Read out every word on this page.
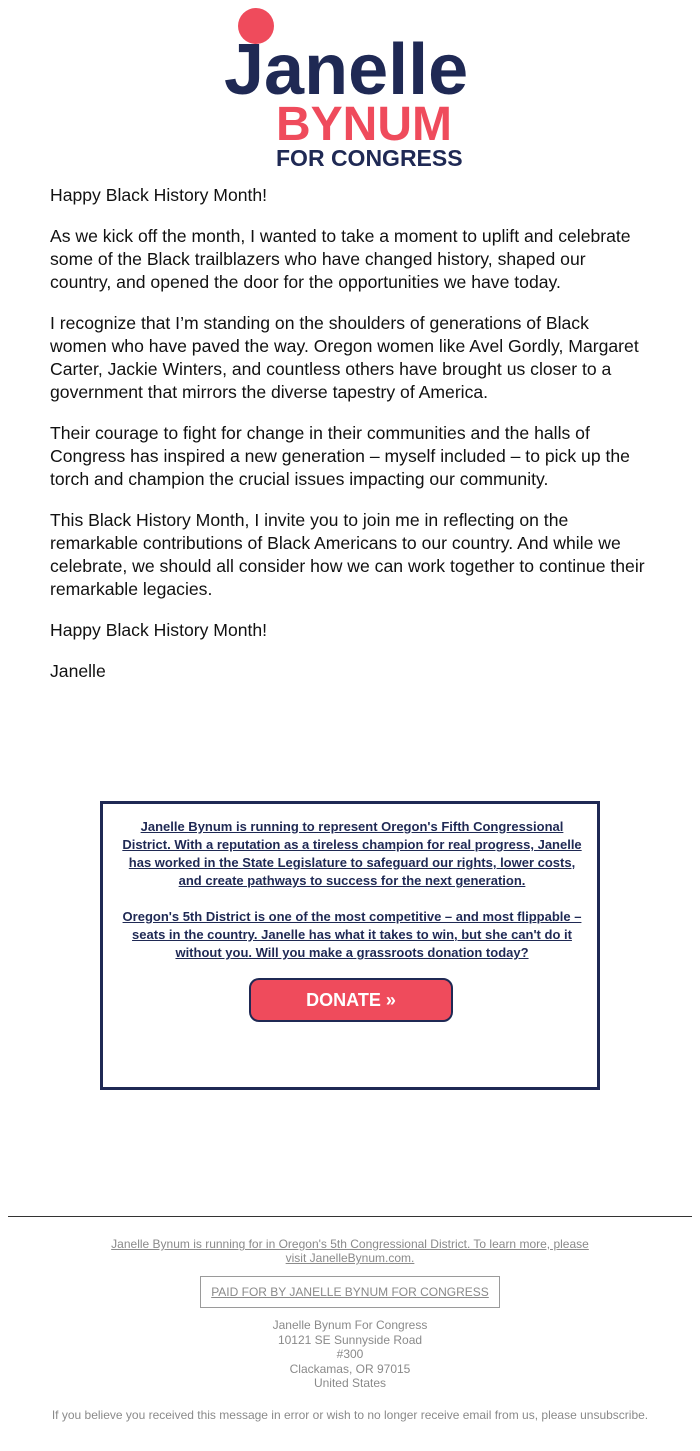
Janelle
BYNUM
FOR CONGRESS

Happy Black History Month!

As we kick off the month, I wanted to take a moment to uplift and celebrate some of the Black trailblazers who have changed history, shaped our country, and opened the door for the opportunities we have today.

I recognize that I’m standing on the shoulders of generations of Black women who have paved the way. Oregon women like Avel Gordly, Margaret Carter, Jackie Winters, and countless others have brought us closer to a government that mirrors the diverse tapestry of America.

Their courage to fight for change in their communities and the halls of Congress has inspired a new generation – myself included – to pick up the torch and champion the crucial issues impacting our community.

This Black History Month, I invite you to join me in reflecting on the remarkable contributions of Black Americans to our country. And while we celebrate, we should all consider how we can work together to continue their remarkable legacies.

Happy Black History Month!

Janelle

Janelle Bynum is running to represent Oregon's Fifth Congressional District. With a reputation as a tireless champion for real progress, Janelle has worked in the State Legislature to safeguard our rights, lower costs, and create pathways to success for the next generation.
Oregon's 5th District is one of the most competitive – and most flippable – seats in the country. Janelle has what it takes to win, but she can't do it without you. Will you make a grassroots donation today?
DONATE »
Janelle Bynum is running for in Oregon's 5th Congressional District. To learn more, please visit JanelleBynum.com.
PAID FOR BY JANELLE BYNUM FOR CONGRESS
Janelle Bynum For Congress
10121 SE Sunnyside Road
#300
Clackamas, OR 97015
United States
If you believe you received this message in error or wish to no longer receive email from us, please unsubscribe.
